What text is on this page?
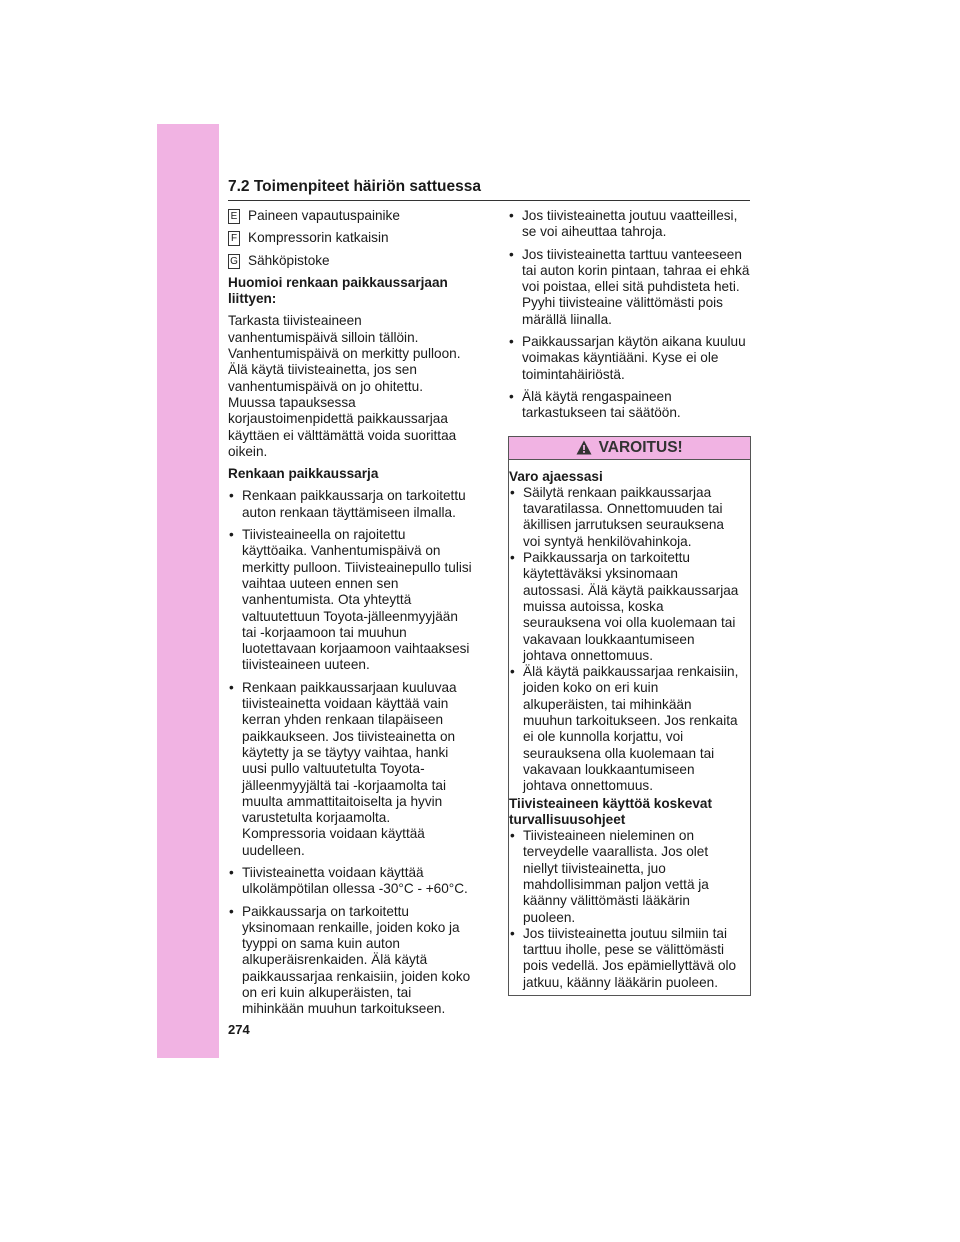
7.2 Toimenpiteet häiriön sattuessa
E Paineen vapautuspainike
F Kompressorin katkaisin
G Sähköpistoke

Huomioi renkaan paikkaussarjaan liittyen:

Tarkasta tiivisteaineen vanhentumispäivä silloin tällöin. Vanhentumispäivä on merkitty pulloon. Älä käytä tiivisteainetta, jos sen vanhentumispäivä on jo ohitettu. Muussa tapauksessa korjaustoimenpidettä paikkaussarjaa käyttäen ei välttämättä voida suorittaa oikein.

Renkaan paikkaussarja

• Renkaan paikkaussarja on tarkoitettu auton renkaan täyttämiseen ilmalla.
• Tiivisteaineella on rajoitettu käyttöaika. Vanhentumispäivä on merkitty pulloon. Tiivisteainepullo tulisi vaihtaa uuteen ennen sen vanhentumista. Ota yhteyttä valtuutettuun Toyota-jälleenmyyjään tai -korjaamoon tai muuhun luotettavaan korjaamoon vaihtaaksesi tiivisteaineen uuteen.
• Renkaan paikkaussarjaan kuuluvaa tiivisteainetta voidaan käyttää vain kerran yhden renkaan tilapäiseen paikkaukseen. Jos tiivisteainetta on käytetty ja se täytyy vaihtaa, hanki uusi pullo valtuutetulta Toyota-jälleenmyyjältä tai -korjaamolta tai muulta ammattitaitoiselta ja hyvin varustetulta korjaamolta. Kompressoria voidaan käyttää uudelleen.
• Tiivisteainetta voidaan käyttää ulkolämpötilan ollessa -30°C - +60°C.
• Paikkaussarja on tarkoitettu yksinomaan renkaille, joiden koko ja tyyppi on sama kuin auton alkuperäisrenkaiden. Älä käytä paikkaussarjaa renkaisiin, joiden koko on eri kuin alkuperäisten, tai mihinkään muuhun tarkoitukseen.
• Jos tiivisteainetta joutuu vaatteillesi, se voi aiheuttaa tahroja.
• Jos tiivisteainetta tarttuu vanteeseen tai auton korin pintaan, tahraa ei ehkä voi poistaa, ellei sitä puhdisteta heti. Pyyhi tiivisteaine välittömästi pois märällä liinalla.
• Paikkaussarjan käytön aikana kuuluu voimakas käyntiääni. Kyse ei ole toimintahäiriöstä.
• Älä käytä rengaspaineen tarkastukseen tai säätöön.
VAROITUS!
Varo ajaessasi
• Säilytä renkaan paikkaussarjaa tavaratilassa. Onnettomuuden tai äkillisen jarrutuksen seurauksena voi syntyä henkilövahinkoja.
• Paikkaussarja on tarkoitettu käytettäväksi yksinomaan autossasi. Älä käytä paikkaussarjaa muissa autoissa, koska seurauksena voi olla kuolemaan tai vakavaan loukkaantumiseen johtava onnettomuus.
• Älä käytä paikkaussarjaa renkaisiin, joiden koko on eri kuin alkuperäisten, tai mihinkään muuhun tarkoitukseen. Jos renkaita ei ole kunnolla korjattu, voi seurauksena olla kuolemaan tai vakavaan loukkaantumiseen johtava onnettomuus.
Tiivisteaineen käyttöä koskevat turvallisuusohjeet
• Tiivisteaineen nieleminen on terveydelle vaarallista. Jos olet niellyt tiivisteainetta, juo mahdollisimman paljon vettä ja käänny välittömästi lääkärin puoleen.
• Jos tiivisteainetta joutuu silmiin tai tarttuu iholle, pese se välittömästi pois vedellä. Jos epämiellyttävä olo jatkuu, käänny lääkärin puoleen.
274
